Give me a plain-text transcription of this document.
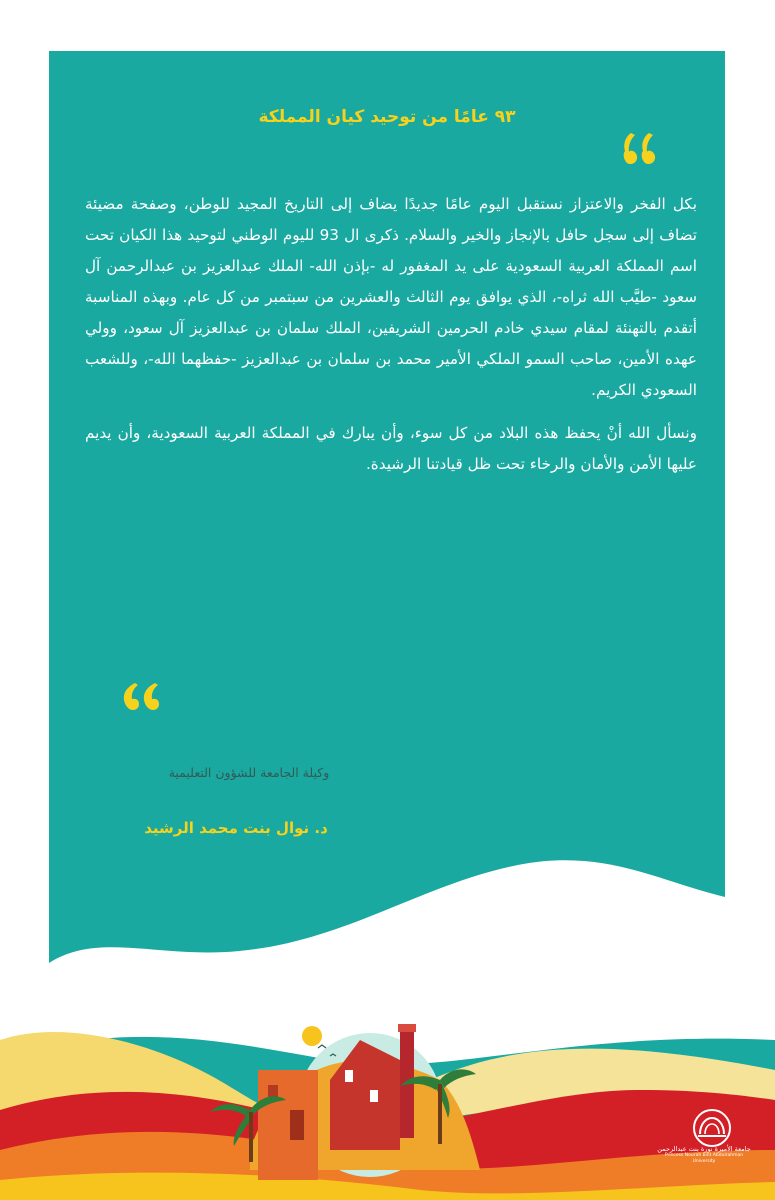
٩٣ عامًا من توحيد كيان المملكة

بكل الفخر والاعتزاز نستقبل اليوم عامًا جديدًا يضاف إلى التاريخ المجيد للوطن، وصفحة مضيئة تضاف إلى سجل حافل بالإنجاز والخير والسلام. ذكرى ال 93 لليوم الوطني لتوحيد هذا الكيان تحت اسم المملكة العربية السعودية على يد المغفور له -بإذن الله- الملك عبدالعزيز بن عبدالرحمن آل سعود -طيَّب الله ثراه-، الذي يوافق يوم الثالث والعشرين من سبتمبر من كل عام. وبهذه المناسبة أتقدم بالتهنئة لمقام سيدي خادم الحرمين الشريفين، الملك سلمان بن عبدالعزيز آل سعود، وولي عهده الأمين، صاحب السمو الملكي الأمير محمد بن سلمان بن عبدالعزيز -حفظهما الله-، وللشعب السعودي الكريم.

ونسأل الله أنْ يحفظ هذه البلاد من كل سوء، وأن يبارك في المملكة العربية السعودية، وأن يديم عليها الأمن والأمان والرخاء تحت ظل قيادتنا الرشيدة.

وكيلة الجامعة للشؤون التعليمية

د. نوال بنت محمد الرشيد

جامعة الأميرة نورة بنت عبدالرحمن

Princess Nourah bint Abdulrahman University
